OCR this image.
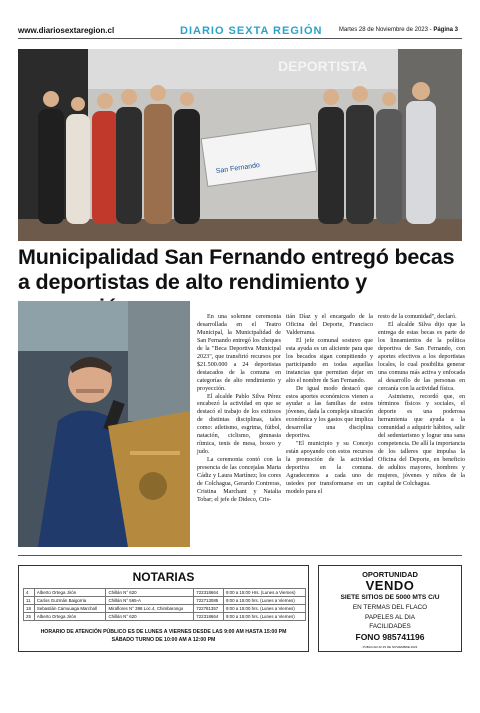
www.diariosextaregion.cl	DIARIO SEXTA REGIÓN	Martes 28 de Noviembre de 2023 - Página 3
DEPORTISTA
San Fernando
Municipalidad San Fernando entregó becas a deportistas de alto rendimiento y

En una solemne ceremonia desarrollada en el Teatro Municipal, la Municipalidad de San Fernando entregó los cheques de la "Beca Deportiva Municipal 2023", que transfirió recursos por $21.500.000 a 24 deportistas destacados de la comuna en categorías de alto rendimiento y proyección.

El alcalde Pablo Silva Pérez encabezó la actividad en que se destacó el trabajo de los exitosos de distintas disciplinas, tales como: atletismo, esgrima, fútbol, natación, ciclismo, gimnasia rítmica, tenis de mesa, boxeo y judo.

La ceremonia contó con la presencia de las concejalas Marta Cádiz y Laura Martínez; los cores de Colchagua, Gerardo Contreras, Cristina Marchant y Natalia Tobar; el jefe de Dideco, Cris-

tián Díaz y el encargado de la Oficina del Deporte, Francisco Valderrama.

El jefe comunal sostuvo que esta ayuda es un aliciente para que los becados sigan compitiendo y participando en todas aquellas instancias que permitan dejar en alto el nombre de San Fernando.

De igual modo destacó que estos aportes económicos vienen a ayudar a las familias de estos jóvenes, dada la compleja situación económica y los gastos que implica desarrollar una disciplina deportiva.

"El municipio y su Concejo están apoyando con estos recursos la promoción de la actividad deportiva en la comuna. Agradecemos a cada uno de ustedes por transformarse en un modelo para el

resto de la comunidad", declaró.

El alcalde Silva dijo que la entrega de estas becas es parte de los lineamientos de la política deportiva de San Fernando, con aportes efectivos a los deportistas locales, lo cual posibilita generar una comuna más activa y enfocada al desarrollo de las personas en cercanía con la actividad física.

Asimismo, recordó que, en términos físicos y sociales, el deporte es una poderosa herramienta que ayuda a la comunidad a adquirir hábitos, salir del sedentarismo y lograr una sana competencia. De allí la importancia de los talleres que impulsa la Oficina del Deporte, en beneficio de adultos mayores, hombres y mujeres, jóvenes y niños de la capital de Colchagua.

NOTARIAS
4	Alberto Ortega Jirón	Chillán N° 620	722318664	9:00 a 15:00 Hrs. (Lunes a Viernes)
11	Carlos Guzmán Baigorria	Chillán N° 565-A	722713085	9:00 a 15:00 hrs. (Lunes a Viernes)
18	Sebastián Camuuaga Marchall	Miraflores N° 398 Loc.4, Chimbarongo	722781357	9:00 a 15:00 hrs. (Lunes a Viernes)
25	Alberto Ortega Jirón	Chillán N° 620	722318664	9:00 a 15:00 hrs. (Lunes a Viernes)
HORARIO DE ATENCIÓN PÚBLICO ES DE LUNES A VIERNES DESDE LAS 9:00 AM HASTA 15:00 PM
SÁBADO TURNO DE 10:00 AM A 12:00 PM
OPORTUNIDAD
VENDO
SIETE SITIOS DE 5000 MTS C/U
EN TERMAS DEL FLACO
PAPELES AL DIA
FACILIDADES
FONO 985741196
PUBLICAR 22 25 DE NOVIEMBRE 2023
